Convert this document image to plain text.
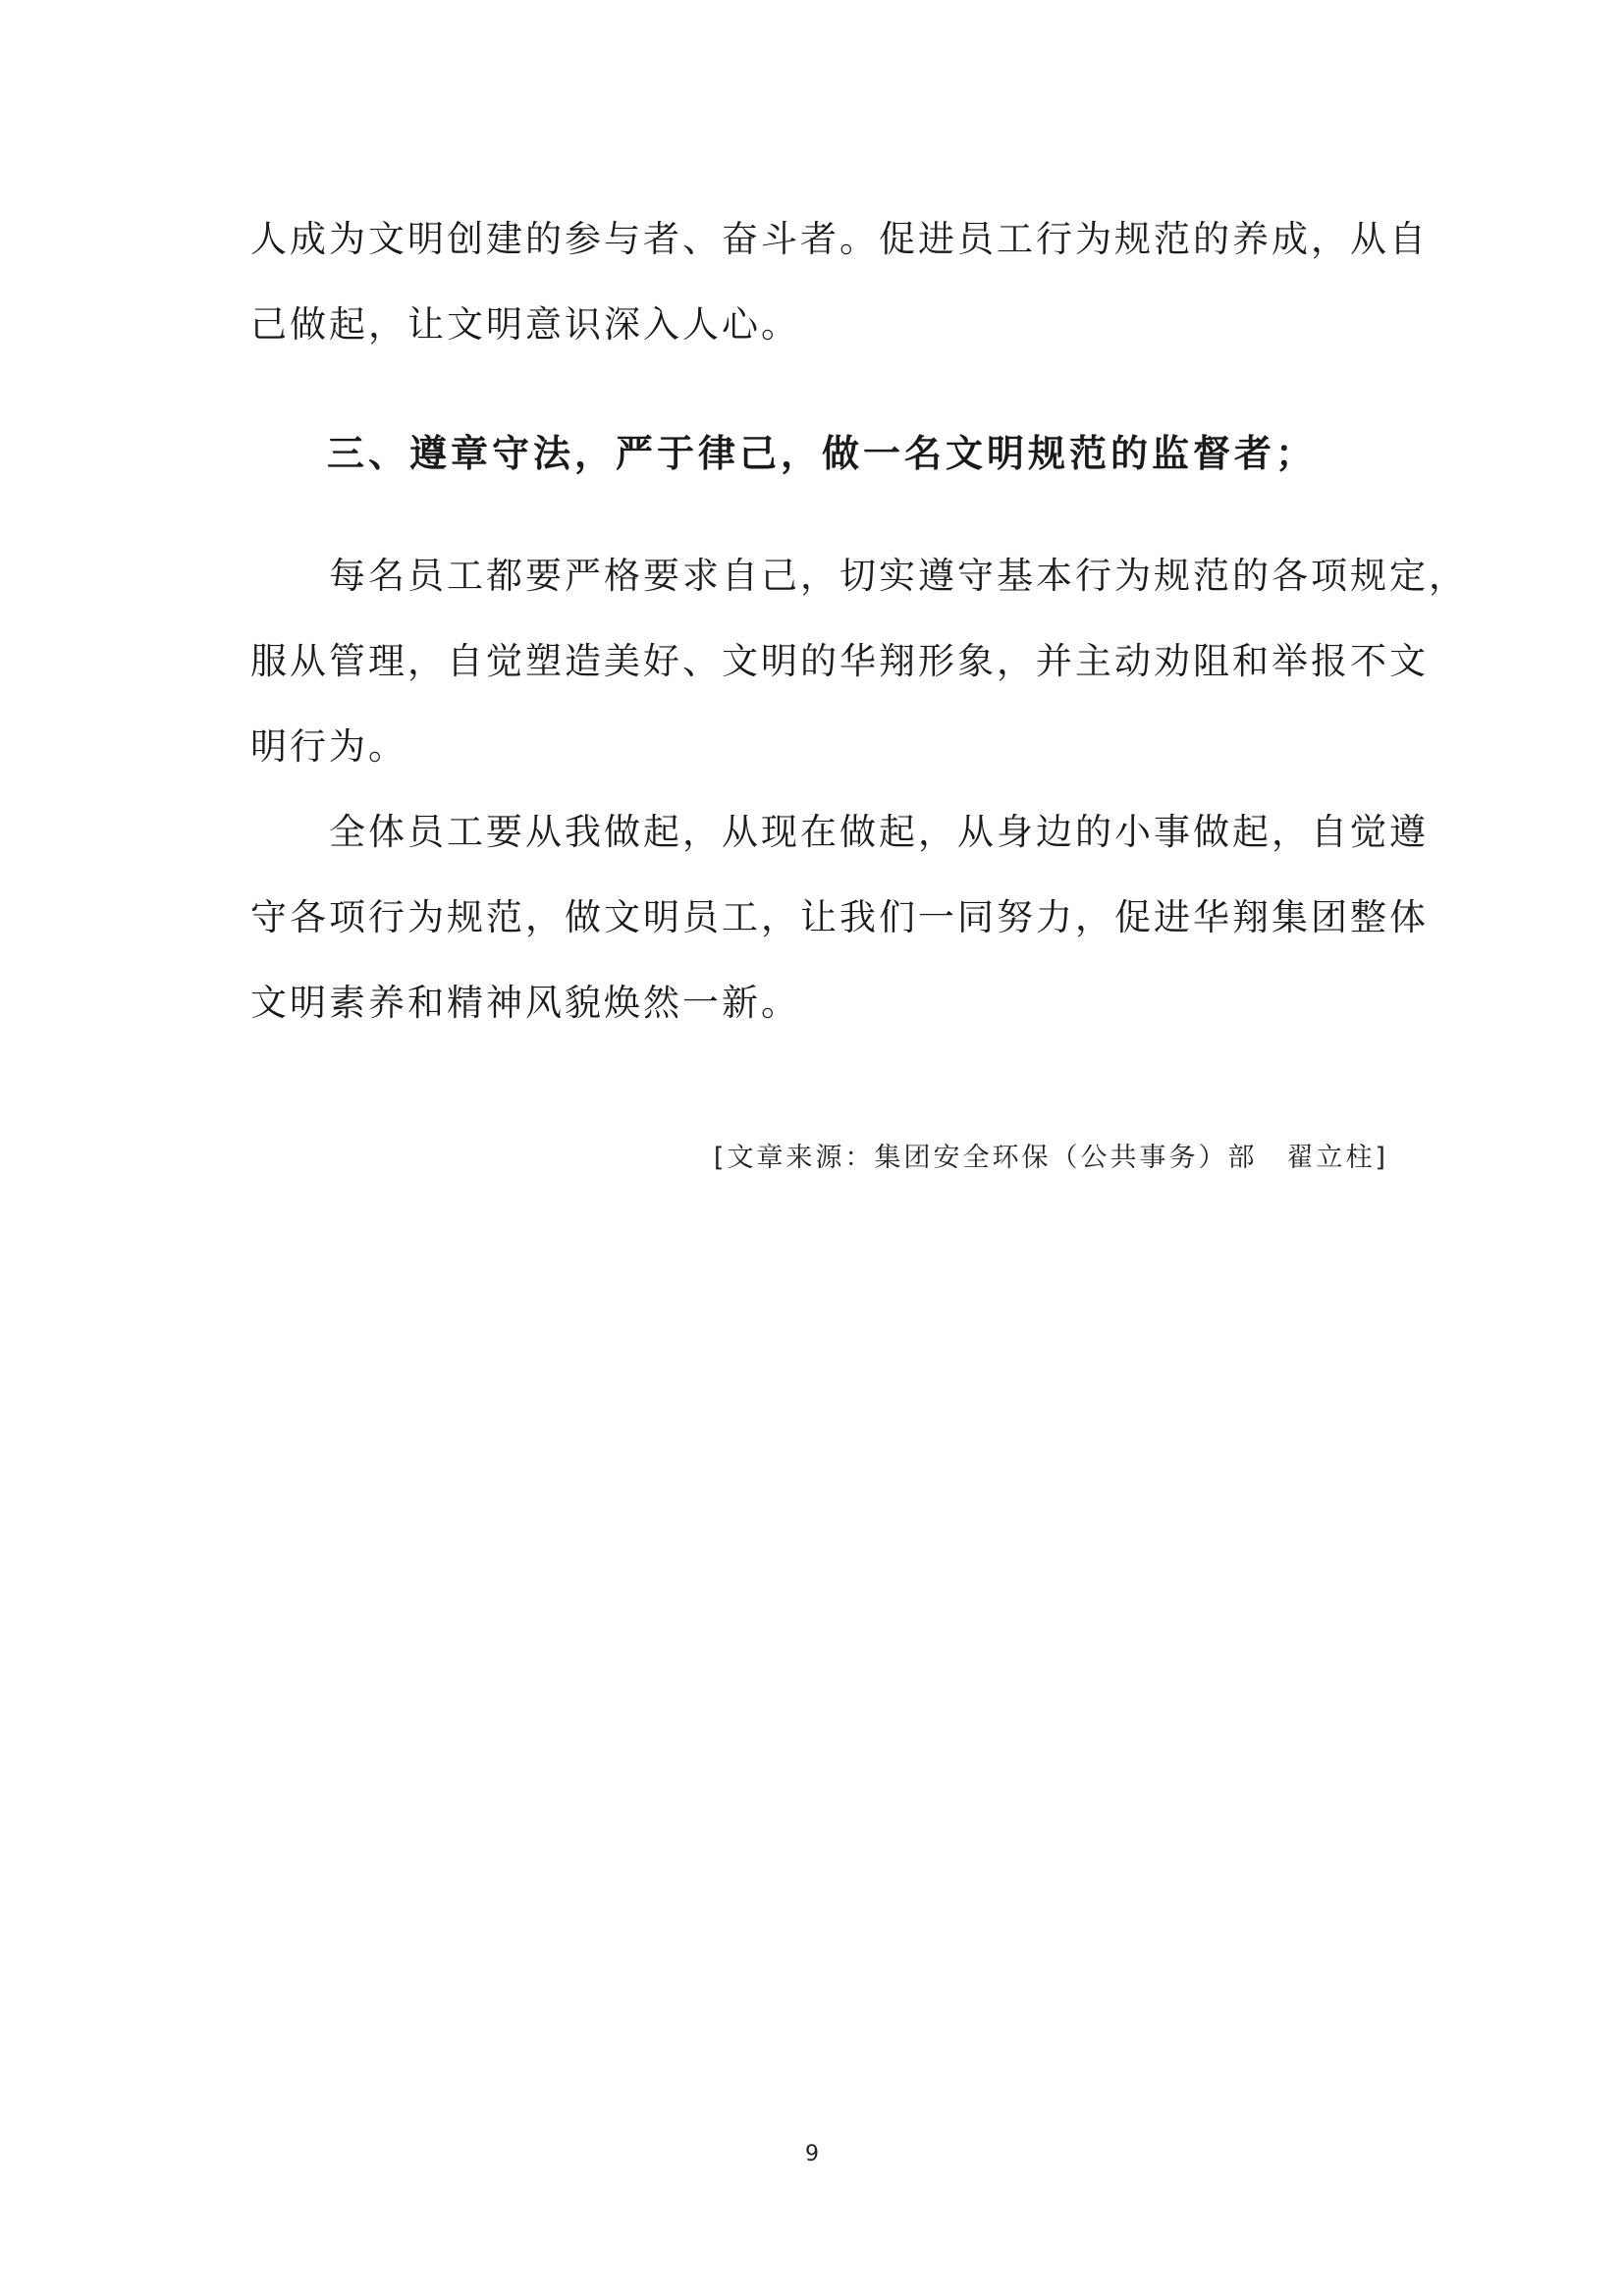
人成为文明创建的参与者、奋斗者。促进员工行为规范的养成，从自
己做起，让文明意识深入人心。
三、遵章守法，严于律己，做一名文明规范的监督者；
　　每名员工都要严格要求自己，切实遵守基本行为规范的各项规定，
服从管理，自觉塑造美好、文明的华翔形象，并主动劝阻和举报不文
明行为。
　　全体员工要从我做起，从现在做起，从身边的小事做起，自觉遵
守各项行为规范，做文明员工，让我们一同努力，促进华翔集团整体
文明素养和精神风貌焕然一新。
[文章来源：集团安全环保（公共事务）部　翟立柱]
9
